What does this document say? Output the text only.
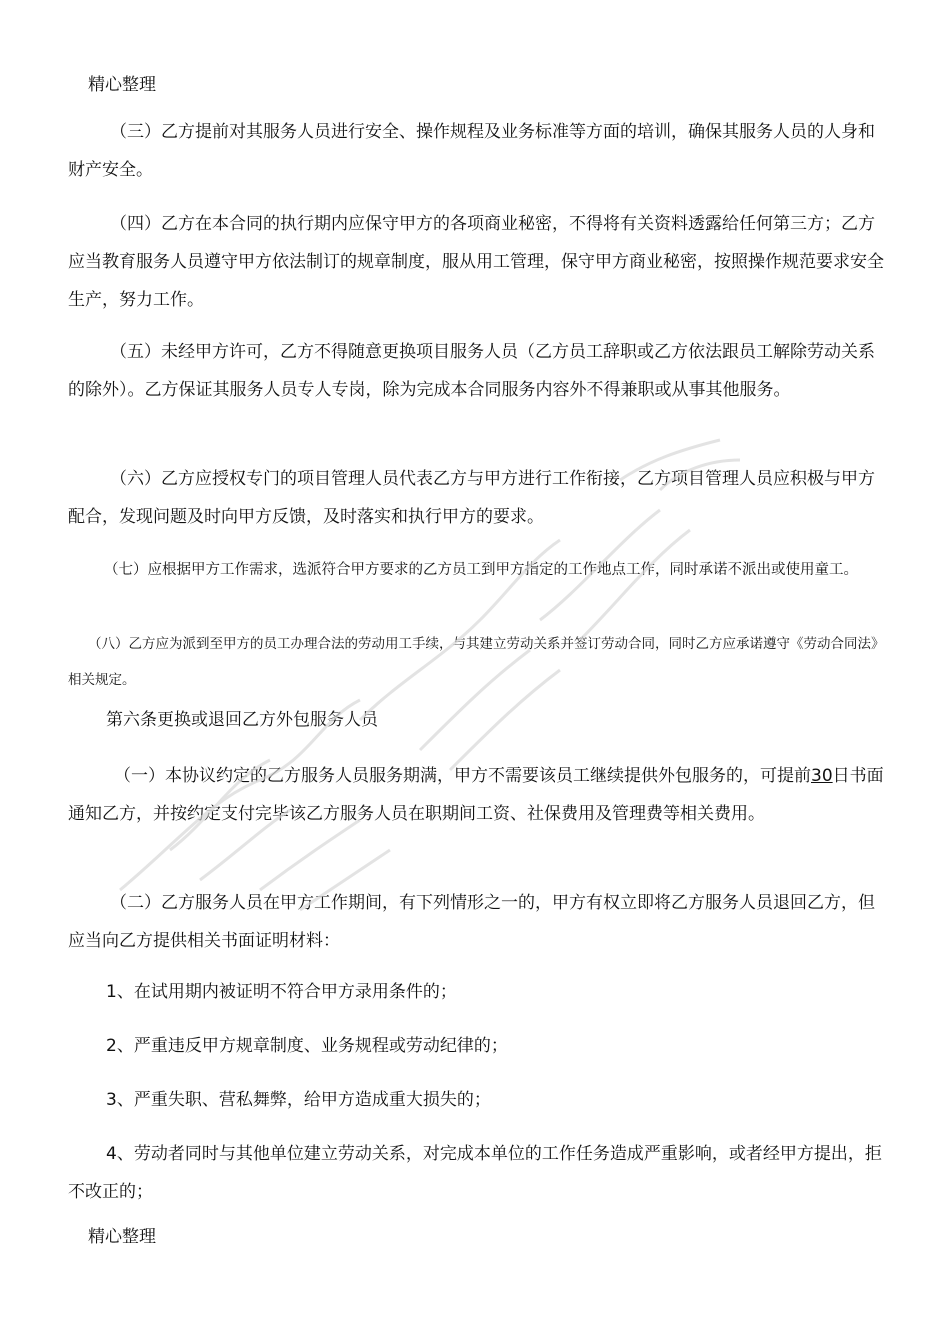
精心整理

（三）乙方提前对其服务人员进行安全、操作规程及业务标准等方面的培训，确保其服务人员的人身和财产安全。

（四）乙方在本合同的执行期内应保守甲方的各项商业秘密，不得将有关资料透露给任何第三方；乙方应当教育服务人员遵守甲方依法制订的规章制度，服从用工管理，保守甲方商业秘密，按照操作规范要求安全生产，努力工作。

（五）未经甲方许可，乙方不得随意更换项目服务人员（乙方员工辞职或乙方依法跟员工解除劳动关系的除外）。乙方保证其服务人员专人专岗，除为完成本合同服务内容外不得兼职或从事其他服务。

（六）乙方应授权专门的项目管理人员代表乙方与甲方进行工作衔接，乙方项目管理人员应积极与甲方配合，发现问题及时向甲方反馈，及时落实和执行甲方的要求。

（七）应根据甲方工作需求，选派符合甲方要求的乙方员工到甲方指定的工作地点工作，同时承诺不派出或使用童工。

（八）乙方应为派到至甲方的员工办理合法的劳动用工手续，与其建立劳动关系并签订劳动合同，同时乙方应承诺遵守《劳动合同法》相关规定。

第六条更换或退回乙方外包服务人员

（一）本协议约定的乙方服务人员服务期满，甲方不需要该员工继续提供外包服务的，可提前30日书面通知乙方，并按约定支付完毕该乙方服务人员在职期间工资、社保费用及管理费等相关费用。

（二）乙方服务人员在甲方工作期间，有下列情形之一的，甲方有权立即将乙方服务人员退回乙方，但应当向乙方提供相关书面证明材料：

1、在试用期内被证明不符合甲方录用条件的；

2、严重违反甲方规章制度、业务规程或劳动纪律的；

3、严重失职、营私舞弊，给甲方造成重大损失的；

4、劳动者同时与其他单位建立劳动关系，对完成本单位的工作任务造成严重影响，或者经甲方提出，拒不改正的；

精心整理
